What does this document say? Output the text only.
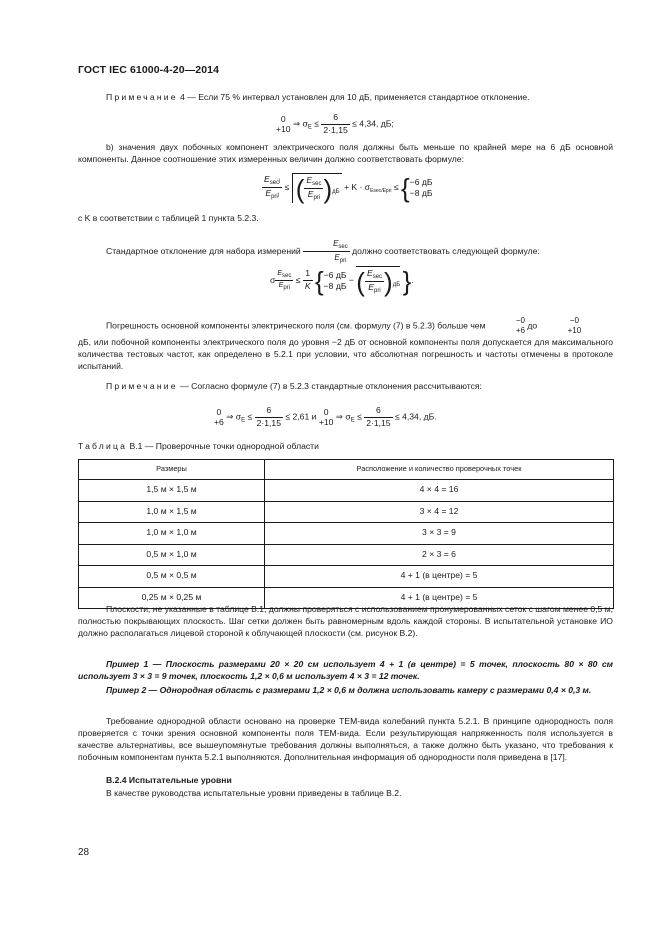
ГОСТ IEC 61000-4-20—2014
Примечание 4 — Если 75 % интервал установлен для 10 дБ, применяется стандартное отклонение.
0
+10
⇒ $\sigma_E \le \frac{6}{2\cdot 1,15} \le 4,34$, дБ;
b) значения двух побочных компонент электрического поля должны быть меньше по крайней мере на 6 дБ основной компоненты. Данное соотношение этих измеренных величин должно соответствовать формуле:
$\frac{E_{sec}j}{E_{pri}j}$ ≤ ( $\frac{E_{sec}}{E_{pri}} )_{дБ} + K \cdot \sigma_{Esec/Epri}$ ≤ { −6 дБ
−8 дБ
с K в соответствии с таблицей 1 пункта 5.2.3.
Стандартное отклонение для набора измерений $\frac{E_{sec}}{E_{pri}}$ должно соответствовать следующей формуле:
σ $\frac{Esec}{\text{Epri}} \le \frac{1}{K}$ { −6 дБ
−8 дБ
− ( $\frac{E_{sec}}{E_{pri}} )_{дБ}$ }.
Погрешность основной компоненты электрического поля (см. формулу (7) в 5.2.3) больше чем	−0
+6
до	−0
+10
дБ, или побочной компоненты электрического поля до уровня −2 дБ от основной компоненты поля допускается для максимального количества тестовых частот, как определено в 5.2.1 при условии, что абсолютная погрешность и частоты отмечены в протоколе испытаний.
Примечание — Согласно формуле (7) в 5.2.3 стандартные отклонения рассчитываются:
0
+6
⇒ $\sigma_E \le \frac{6}{2\cdot 1,15} \le 2,61$ и 0
+10
⇒ $\sigma_E \le \frac{6}{2\cdot 1,15} \le 4,34$, дБ.
Таблица В.1 — Проверочные точки однородной области
Размеры	Расположение и количество проверочных точек
1,5 м × 1,5 м	4 × 4 = 16
1,0 м × 1,5 м	3 × 4 = 12
1,0 м × 1,0 м	3 × 3 = 9
0,5 м × 1,0 м	2 × 3 = 6
0,5 м × 0,5 м	4 + 1 (в центре) = 5
0,25 м × 0,25 м	4 + 1 (в центре) = 5
Плоскости, не указанные в таблице В.1, должны проверяться с использованием пронумерованных сеток с шагом менее 0,5 м, полностью покрывающих плоскость. Шаг сетки должен быть равномерным вдоль каждой стороны. В испытательной установке ИО должно располагаться лицевой стороной к облучающей плоскости (см. рисунок В.2).
Пример 1 — Плоскость размерами 20 × 20 см использует 4 + 1 (в центре) = 5 точек, плоскость 80 × 80 см использует 3 × 3 = 9 точек, плоскость 1,2 × 0,6 м использует 4 × 3 = 12 точек.
Пример 2 — Однородная область с размерами 1,2 × 0,6 м должна использовать камеру с размерами 0,4 × 0,3 м.
Требование однородной области основано на проверке ТЕМ-вида колебаний пункта 5.2.1. В принципе однородность поля проверяется с точки зрения основной компоненты поля ТЕМ-вида. Если результирующая напряженность поля используется в качестве альтернативы, все вышеупомянутые требования должны выполняться, а также должно быть указано, что требования к побочным компонентам пункта 5.2.1 выполняются. Дополнительная информация об однородности поля приведена в [17].
В.2.4 Испытательные уровни
В качестве руководства испытательные уровни приведены в таблице В.2.
28
